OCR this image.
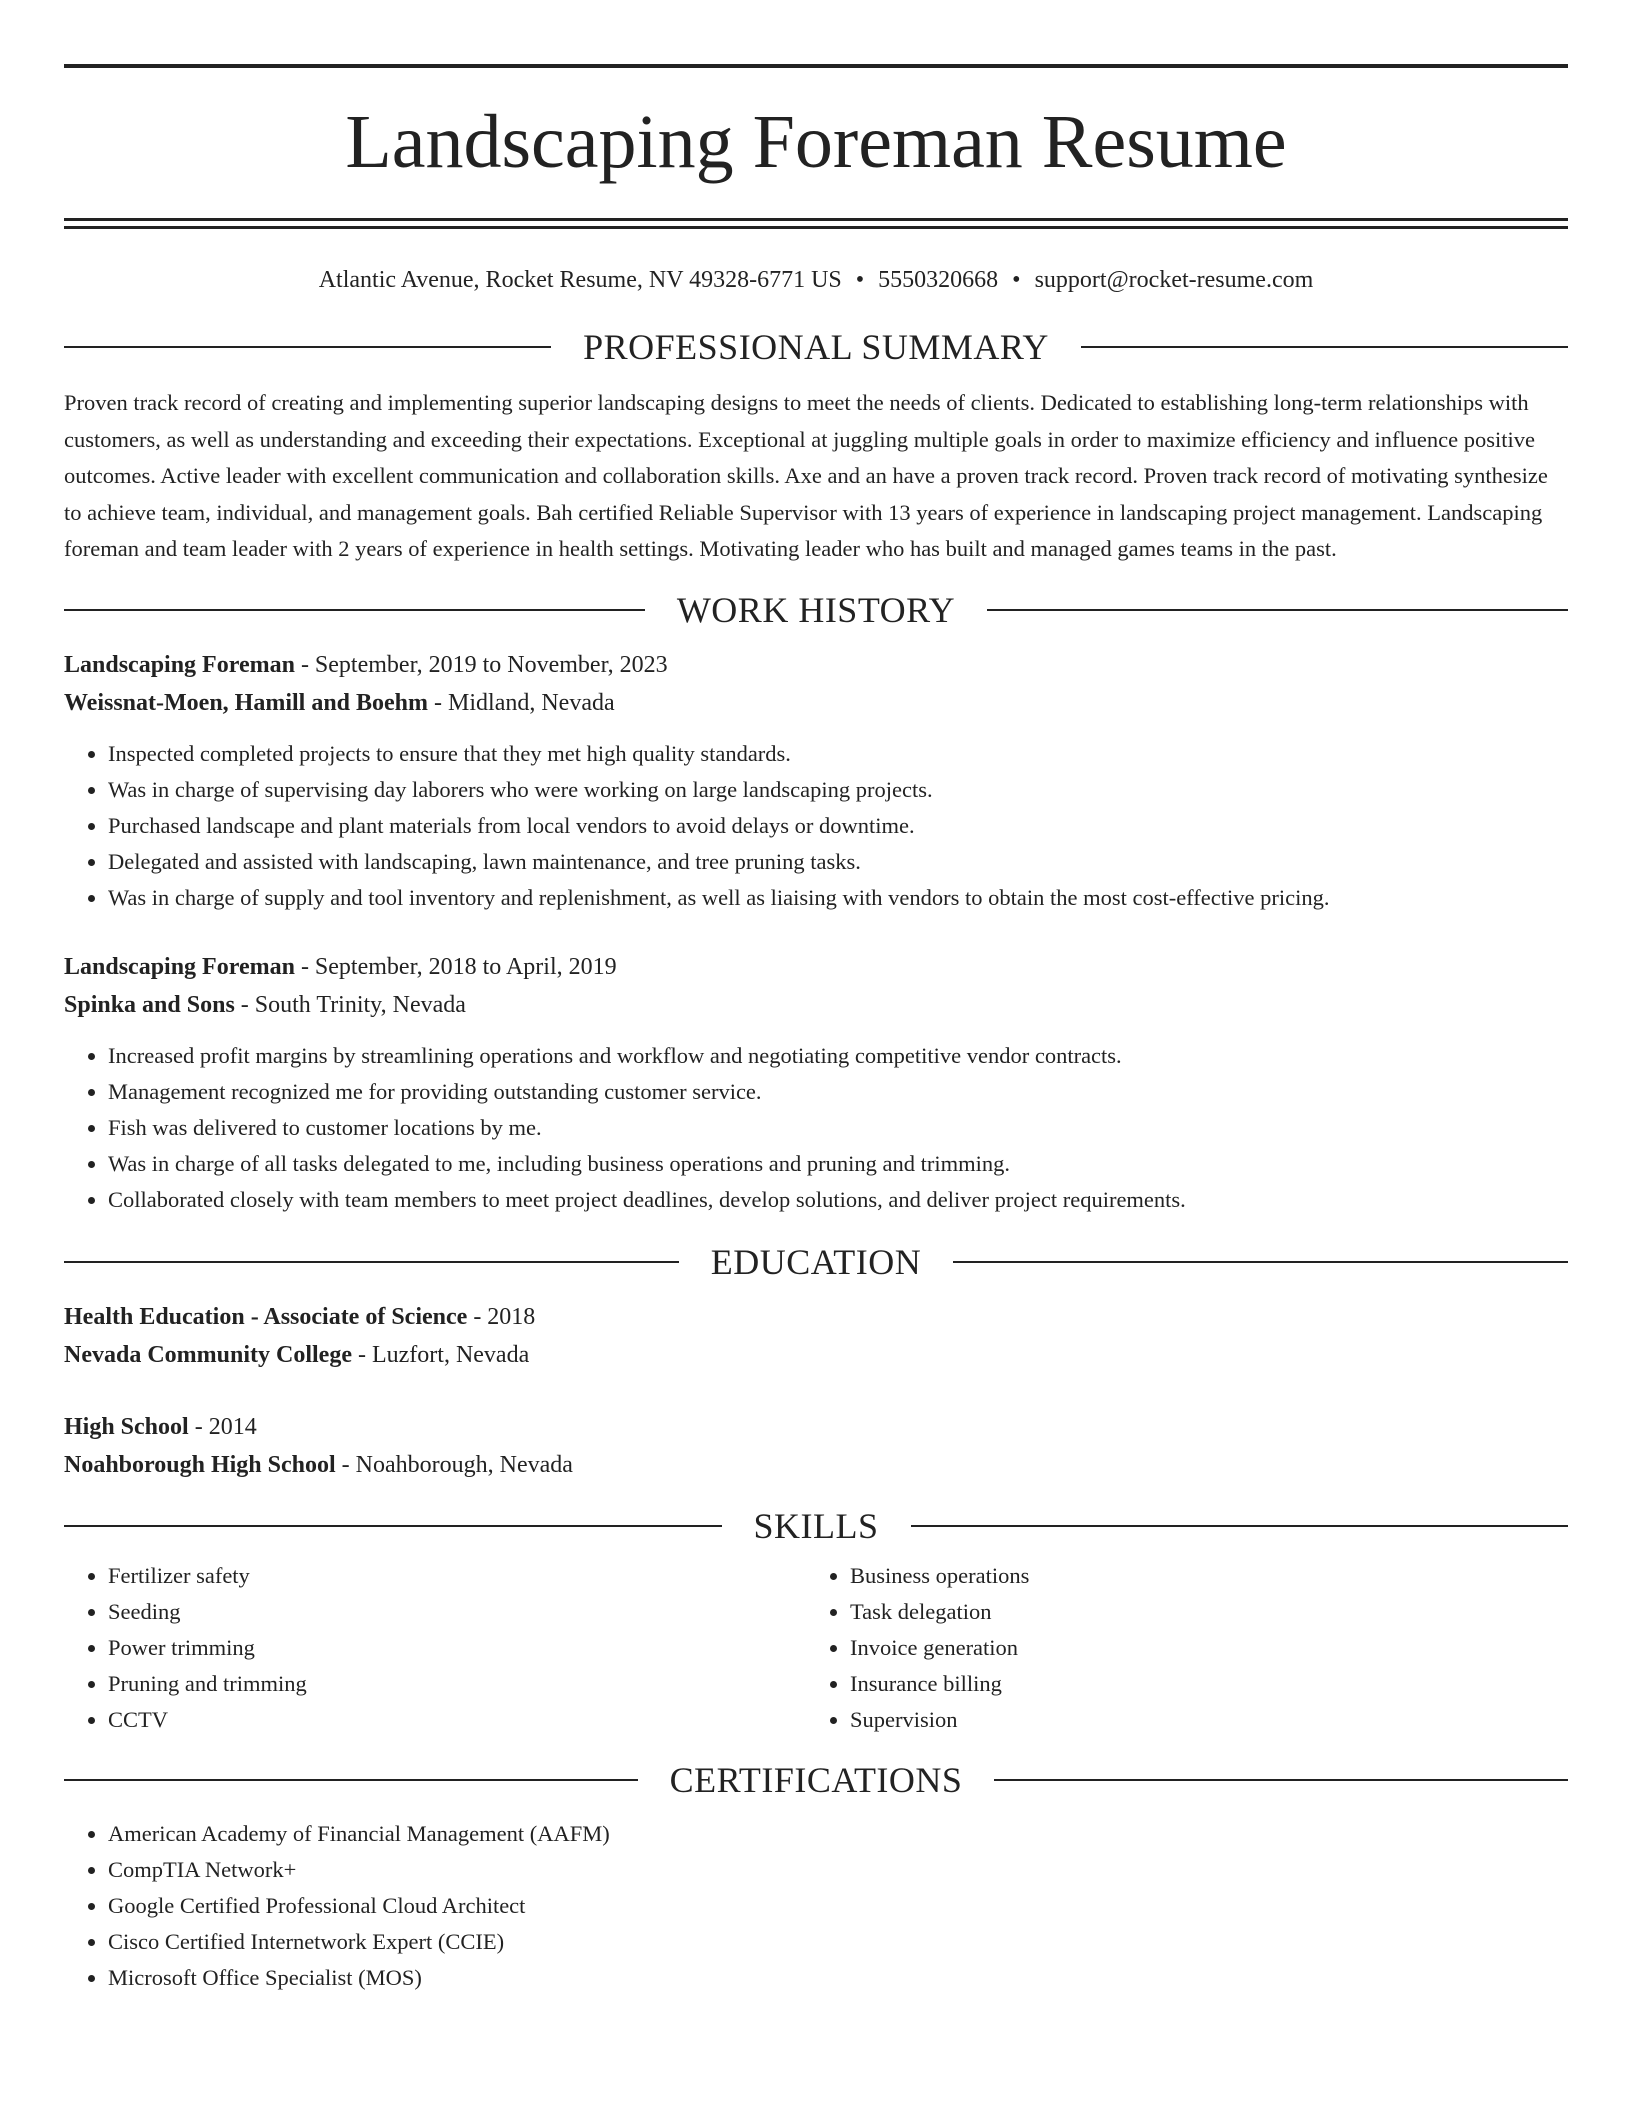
Landscaping Foreman Resume
Atlantic Avenue, Rocket Resume, NV 49328-6771 US • 5550320668 • support@rocket-resume.com
PROFESSIONAL SUMMARY

Proven track record of creating and implementing superior landscaping designs to meet the needs of clients. Dedicated to establishing long-term relationships with customers, as well as understanding and exceeding their expectations. Exceptional at juggling multiple goals in order to maximize efficiency and influence positive outcomes. Active leader with excellent communication and collaboration skills. Axe and an have a proven track record. Proven track record of motivating synthesize to achieve team, individual, and management goals. Bah certified Reliable Supervisor with 13 years of experience in landscaping project management. Landscaping foreman and team leader with 2 years of experience in health settings. Motivating leader who has built and managed games teams in the past.

WORK HISTORY
Landscaping Foreman - September, 2019 to November, 2023
Weissnat-Moen, Hamill and Boehm - Midland, Nevada
• Inspected completed projects to ensure that they met high quality standards.
• Was in charge of supervising day laborers who were working on large landscaping projects.
• Purchased landscape and plant materials from local vendors to avoid delays or downtime.
• Delegated and assisted with landscaping, lawn maintenance, and tree pruning tasks.
• Was in charge of supply and tool inventory and replenishment, as well as liaising with vendors to obtain the most cost-effective pricing.
Landscaping Foreman - September, 2018 to April, 2019
Spinka and Sons - South Trinity, Nevada
• Increased profit margins by streamlining operations and workflow and negotiating competitive vendor contracts.
• Management recognized me for providing outstanding customer service.
• Fish was delivered to customer locations by me.
• Was in charge of all tasks delegated to me, including business operations and pruning and trimming.
• Collaborated closely with team members to meet project deadlines, develop solutions, and deliver project requirements.
EDUCATION
Health Education - Associate of Science - 2018
Nevada Community College - Luzfort, Nevada
High School - 2014
Noahborough High School - Noahborough, Nevada
SKILLS
• Fertilizer safety
• Seeding
• Power trimming
• Pruning and trimming
• CCTV
• Business operations
• Task delegation
• Invoice generation
• Insurance billing
• Supervision
CERTIFICATIONS
• American Academy of Financial Management (AAFM)
• CompTIA Network+
• Google Certified Professional Cloud Architect
• Cisco Certified Internetwork Expert (CCIE)
• Microsoft Office Specialist (MOS)
